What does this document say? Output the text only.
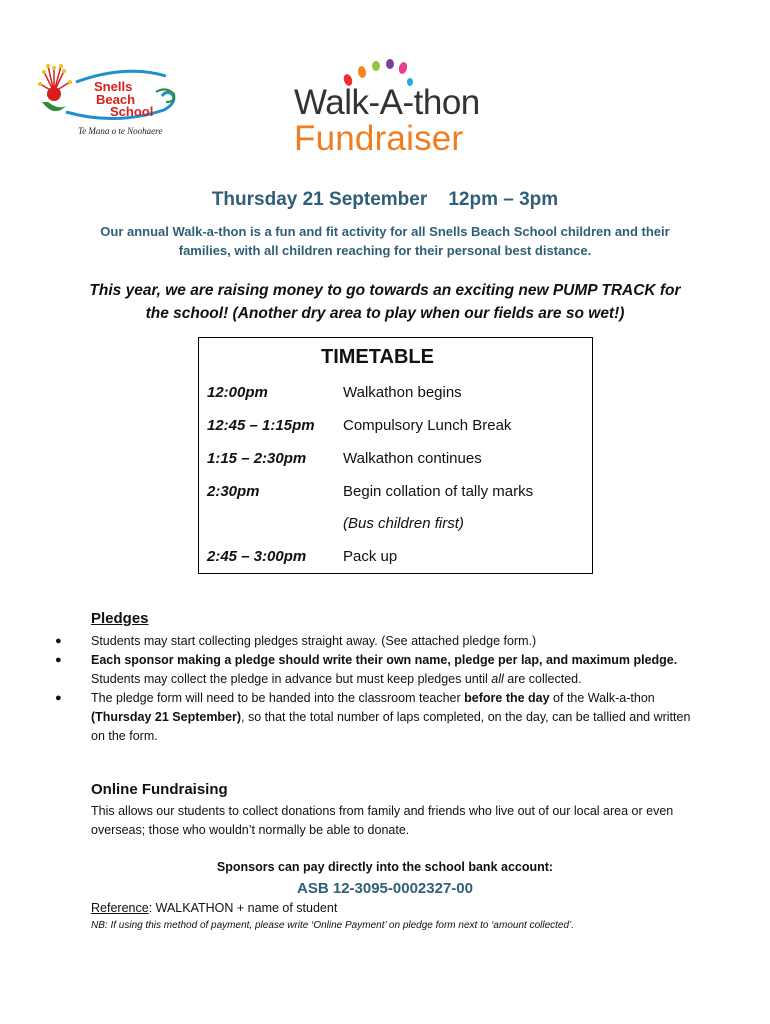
Snells
Beach
School
Te Mana o te Noohaere
Walk-A-thon
Fundraiser
Thursday 21 September    12pm – 3pm
Our annual Walk-a-thon is a fun and fit activity for all Snells Beach School children and their families, with all children reaching for their personal best distance.
This year, we are raising money to go towards an exciting new PUMP TRACK for the school! (Another dry area to play when our fields are so wet!)
TIMETABLE
12:00pm	Walkathon begins
12:45 – 1:15pm Compulsory Lunch Break
1:15 – 2:30pm Walkathon continues
2:30pm	Begin collation of tally marks
(Bus children first)
2:45 – 3:00pm Pack up
Pledges
● Students may start collecting pledges straight away. (See attached pledge form.)
● Each sponsor making a pledge should write their own name, pledge per lap, and maximum pledge. Students may collect the pledge in advance but must keep pledges until all are collected.
● The pledge form will need to be handed into the classroom teacher before the day of the Walk-a-thon (Thursday 21 September), so that the total number of laps completed, on the day, can be tallied and written on the form.
Online Fundraising
This allows our students to collect donations from family and friends who live out of our local area or even overseas; those who wouldn’t normally be able to donate.
Sponsors can pay directly into the school bank account:
ASB 12-3095-0002327-00
Reference: WALKATHON + name of student
NB: If using this method of payment, please write ‘Online Payment’ on pledge form next to ‘amount collected’.
